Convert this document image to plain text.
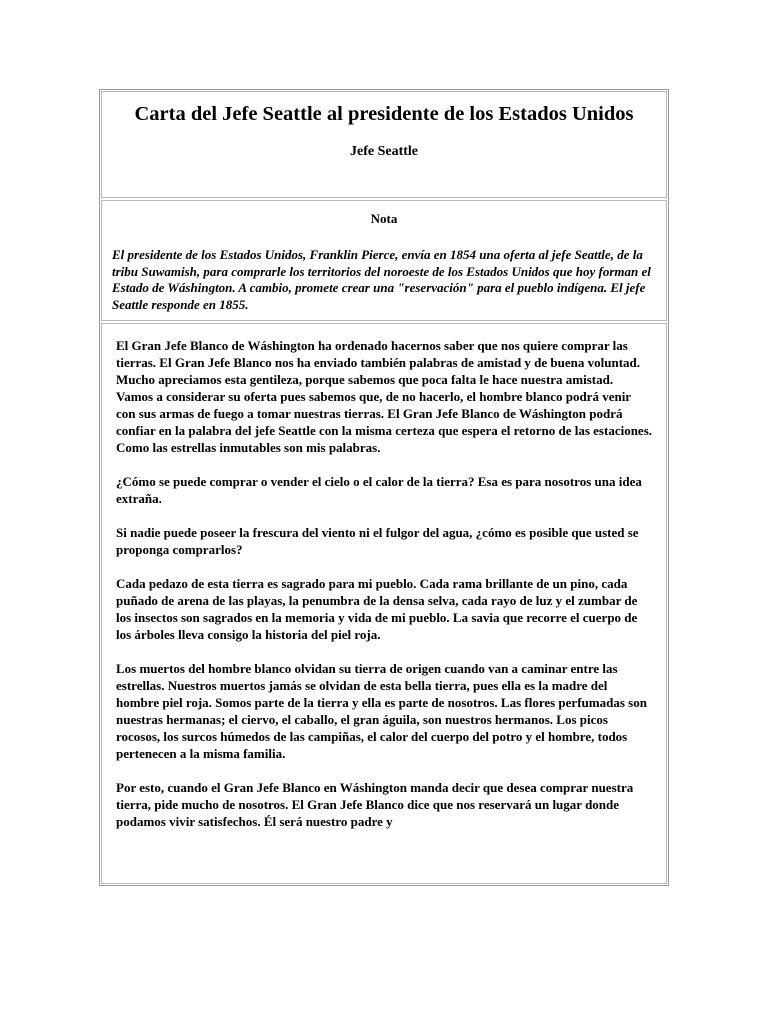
Carta del Jefe Seattle al presidente de los Estados Unidos

Jefe Seattle

Nota

El presidente de los Estados Unidos, Franklin Pierce, envía en 1854 una oferta al jefe Seattle, de la tribu Suwamish, para comprarle los territorios del noroeste de los Estados Unidos que hoy forman el Estado de Wáshington. A cambio, promete crear una "reservación" para el pueblo indígena. El jefe Seattle responde en 1855.

El Gran Jefe Blanco de Wáshington ha ordenado hacernos saber que nos quiere comprar las tierras. El Gran Jefe Blanco nos ha enviado también palabras de amistad y de buena voluntad. Mucho apreciamos esta gentileza, porque sabemos que poca falta le hace nuestra amistad. Vamos a considerar su oferta pues sabemos que, de no hacerlo, el hombre blanco podrá venir con sus armas de fuego a tomar nuestras tierras. El Gran Jefe Blanco de Wáshington podrá confiar en la palabra del jefe Seattle con la misma certeza que espera el retorno de las estaciones. Como las estrellas inmutables son mis palabras.

¿Cómo se puede comprar o vender el cielo o el calor de la tierra? Esa es para nosotros una idea extraña.

Si nadie puede poseer la frescura del viento ni el fulgor del agua, ¿cómo es posible que usted se proponga comprarlos?

Cada pedazo de esta tierra es sagrado para mi pueblo. Cada rama brillante de un pino, cada puñado de arena de las playas, la penumbra de la densa selva, cada rayo de luz y el zumbar de los insectos son sagrados en la memoria y vida de mi pueblo. La savia que recorre el cuerpo de los árboles lleva consigo la historia del piel roja.

Los muertos del hombre blanco olvidan su tierra de origen cuando van a caminar entre las estrellas. Nuestros muertos jamás se olvidan de esta bella tierra, pues ella es la madre del hombre piel roja. Somos parte de la tierra y ella es parte de nosotros. Las flores perfumadas son nuestras hermanas; el ciervo, el caballo, el gran águila, son nuestros hermanos. Los picos rocosos, los surcos húmedos de las campiñas, el calor del cuerpo del potro y el hombre, todos pertenecen a la misma familia.

Por esto, cuando el Gran Jefe Blanco en Wáshington manda decir que desea comprar nuestra tierra, pide mucho de nosotros. El Gran Jefe Blanco dice que nos reservará un lugar donde podamos vivir satisfechos. Él será nuestro padre y
